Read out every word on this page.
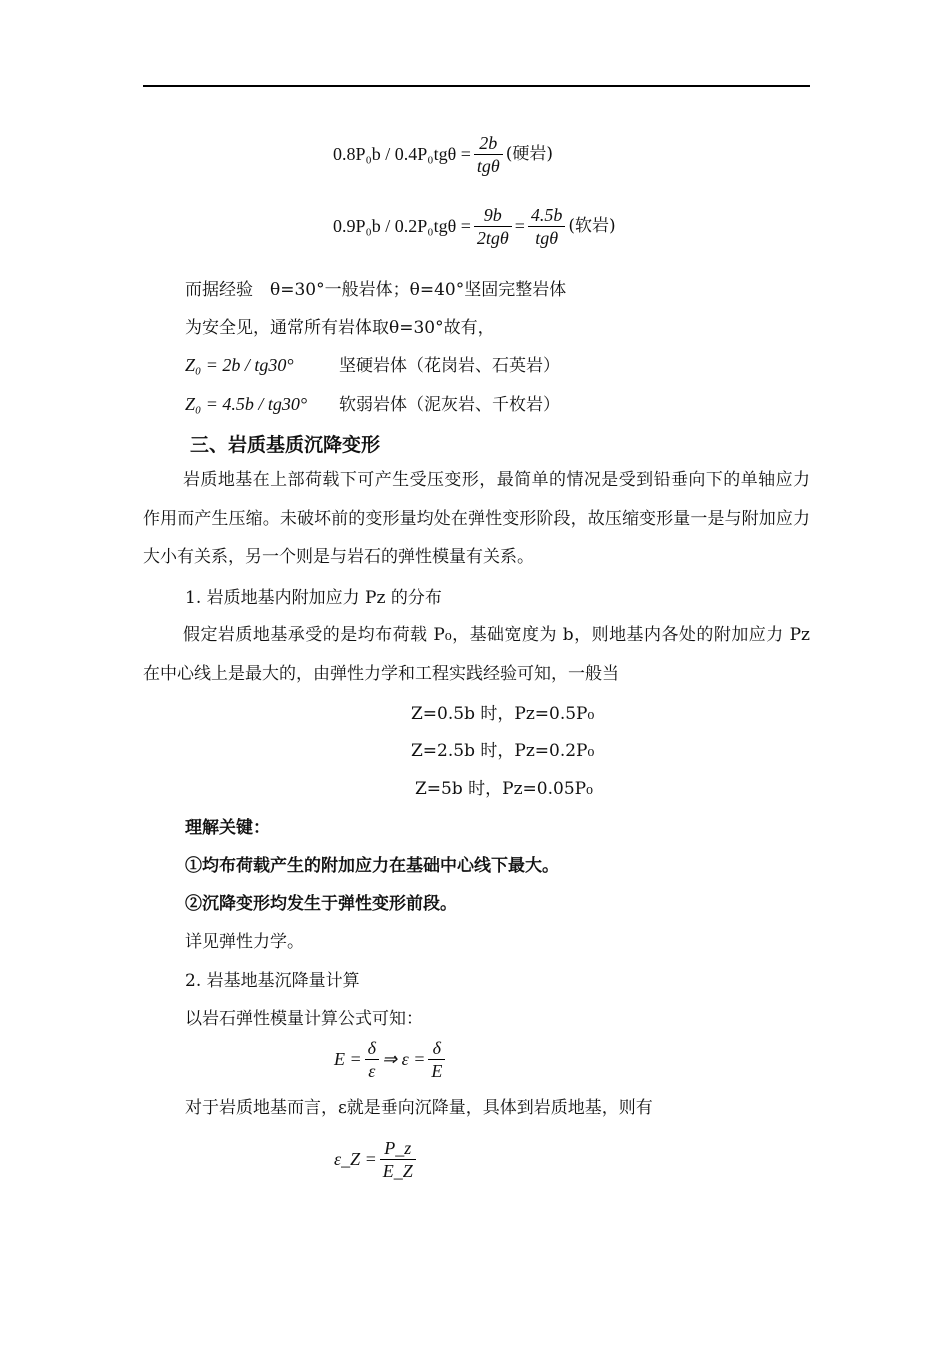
$0.8P_0b / 0.4P_0tg\theta = \frac{2b}{\text{tgθ}}$ (硬岩)
$0.9P_0b / 0.2P_0tg\theta = \frac{9b}{\text{2tgθ}} = \frac{4.5b}{\text{tgθ}}$ (软岩)
而据经验　θ=30°一般岩体；θ=40°坚固完整岩体
为安全见，通常所有岩体取θ=30°故有，
Z₀ = 2b / tg30°	坚硬岩体（花岗岩、石英岩）
Z₀ = 4.5b / tg30°	软弱岩体（泥灰岩、千枚岩）
三、岩质基质沉降变形
岩质地基在上部荷载下可产生受压变形，最简单的情况是受到铅垂向下的单轴应力作用而产生压缩。未破坏前的变形量均处在弹性变形阶段，故压缩变形量一是与附加应力大小有关系，另一个则是与岩石的弹性模量有关系。
1. 岩质地基内附加应力 Pz 的分布
假定岩质地基承受的是均布荷载 P₀，基础宽度为 b，则地基内各处的附加应力 Pz 在中心线上是最大的，由弹性力学和工程实践经验可知，一般当
Z=0.5b 时，Pz=0.5P₀
Z=2.5b 时，Pz=0.2P₀
Z=5b 时，Pz=0.05P₀
理解关键：
①均布荷载产生的附加应力在基础中心线下最大。
②沉降变形均发生于弹性变形前段。
详见弹性力学。
2. 岩基地基沉降量计算
以岩石弹性模量计算公式可知：
$E = \frac{\delta}{\varepsilon}$ ⇒ $\varepsilon = \frac{\delta}{E}$
对于岩质地基而言，ε就是垂向沉降量，具体到岩质地基，则有
ε_Z = $\frac{P\_z}{E\_Z}$
